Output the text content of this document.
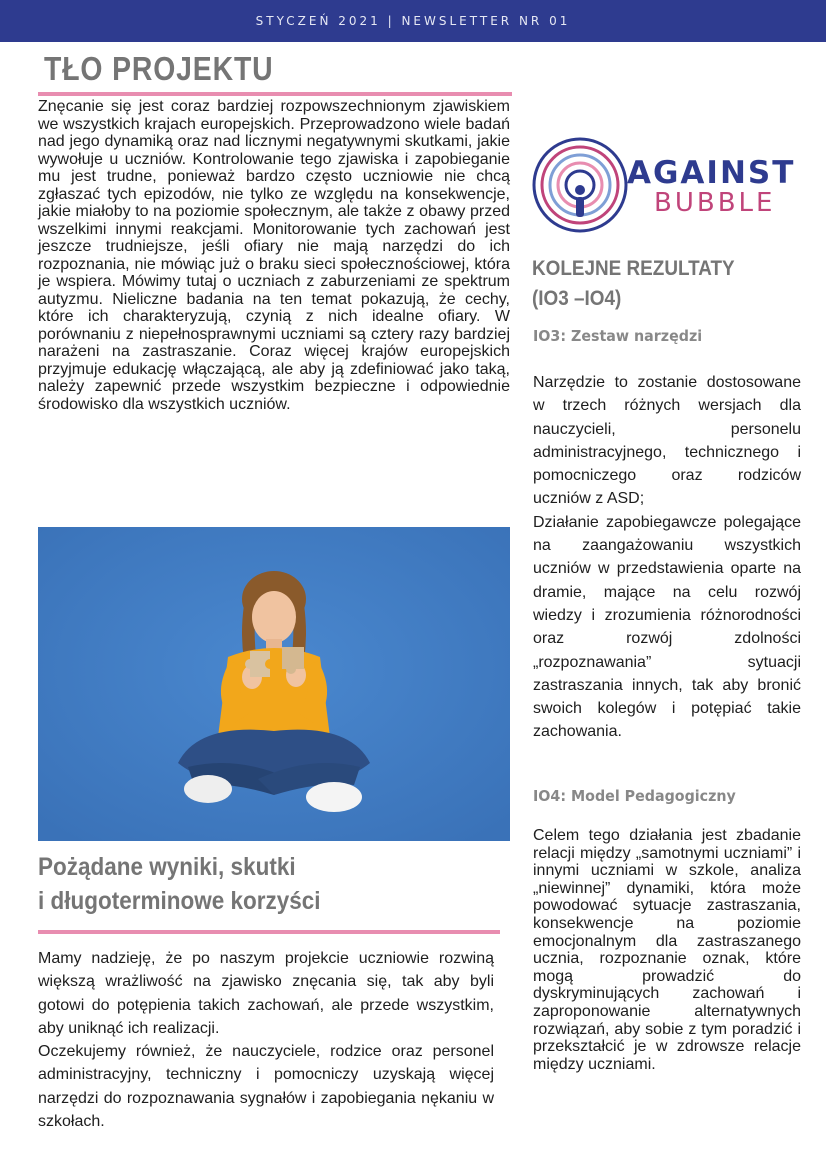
STYCZEŃ 2021 | NEWSLETTER NR 01
TŁO PROJEKTU
Znęcanie się jest coraz bardziej rozpowszechnionym zjawiskiem we wszystkich krajach europejskich. Przeprowadzono wiele badań nad jego dynamiką oraz nad licznymi negatywnymi skutkami, jakie wywołuje u uczniów. Kontrolowanie tego zjawiska i zapobieganie mu jest trudne, ponieważ bardzo często uczniowie nie chcą zgłaszać tych epizodów, nie tylko ze względu na konsekwencje, jakie miałoby to na poziomie społecznym, ale także z obawy przed wszelkimi innymi reakcjami. Monitorowanie tych zachowań jest jeszcze trudniejsze, jeśli ofiary nie mają narzędzi do ich rozpoznania, nie mówiąc już o braku sieci społecznościowej, która je wspiera. Mówimy tutaj o uczniach z zaburzeniami ze spektrum autyzmu. Nieliczne badania na ten temat pokazują, że cechy, które ich charakteryzują, czynią z nich idealne ofiary. W porównaniu z niepełnosprawnymi uczniami są cztery razy bardziej narażeni na zastraszanie. Coraz więcej krajów europejskich przyjmuje edukację włączającą, ale aby ją zdefiniować jako taką, należy zapewnić przede wszystkim bezpieczne i odpowiednie środowisko dla wszystkich uczniów.
Pożądane wyniki, skutki
i długoterminowe korzyści

Mamy nadzieję, że po naszym projekcie uczniowie rozwiną większą wrażliwość na zjawisko znęcania się, tak aby byli gotowi do potępienia takich zachowań, ale przede wszystkim, aby uniknąć ich realizacji.

Oczekujemy również, że nauczyciele, rodzice oraz personel administracyjny, techniczny i pomocniczy uzyskają więcej narzędzi do rozpoznawania sygnałów i zapobiegania nękaniu w szkołach.

AGAINST
BUBBLE
KOLEJNE REZULTATY
(IO3 –IO4)
IO3: Zestaw narzędzi

Narzędzie to zostanie dostosowane w trzech różnych wersjach dla nauczycieli, personelu administracyjnego, technicznego i pomocniczego oraz rodziców uczniów z ASD;

Działanie zapobiegawcze polegające na zaangażowaniu wszystkich uczniów w przedstawienia oparte na dramie, mające na celu rozwój wiedzy i zrozumienia różnorodności oraz rozwój zdolności „rozpoznawania” sytuacji zastraszania innych, tak aby bronić swoich kolegów i potępiać takie zachowania.

IO4: Model Pedagogiczny
Celem tego działania jest zbadanie relacji między „samotnymi uczniami” i innymi uczniami w szkole, analiza „niewinnej” dynamiki, która może powodować sytuacje zastraszania, konsekwencje na poziomie emocjonalnym dla zastraszanego ucznia, rozpoznanie oznak, które mogą prowadzić do dyskryminujących zachowań i zaproponowanie alternatywnych rozwiązań, aby sobie z tym poradzić i przekształcić je w zdrowsze relacje między uczniami.
